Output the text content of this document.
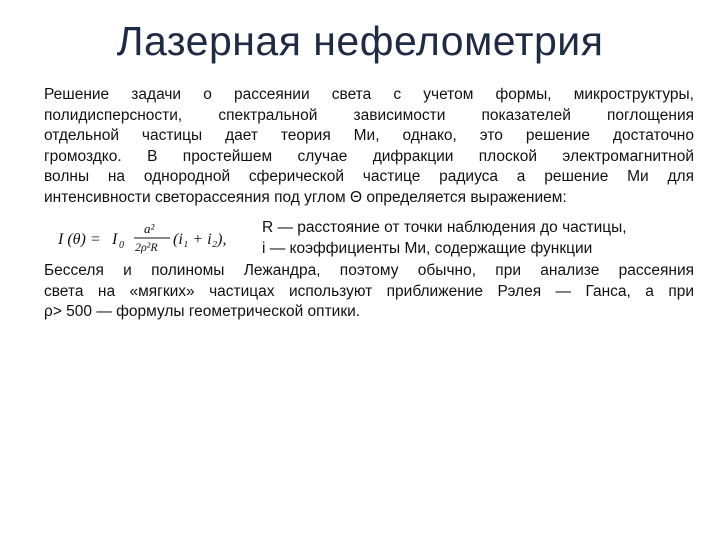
Лазерная нефелометрия
Решение задачи о рассеянии света с учетом формы, микроструктуры,
полидисперсности, спектральной зависимости показателей поглощения
отдельной частицы дает теория Ми, однако, это решение достаточно
громоздко. В простейшем случае дифракции плоской электромагнитной
волны на однородной сферической частице радиуса a решение Ми для
интенсивности светорассеяния под углом Θ определяется выражением:
I (θ) = I 0
a²
2ρ²R (i₁ + i₂),
R — расстояние от точки наблюдения до частицы,
i — коэффициенты Ми, содержащие функции
Бесселя и полиномы Лежандра, поэтому обычно, при анализе рассеяния
света на «мягких» частицах используют приближение Рэлея — Ганса, а при
ρ> 500 — формулы геометрической оптики.
